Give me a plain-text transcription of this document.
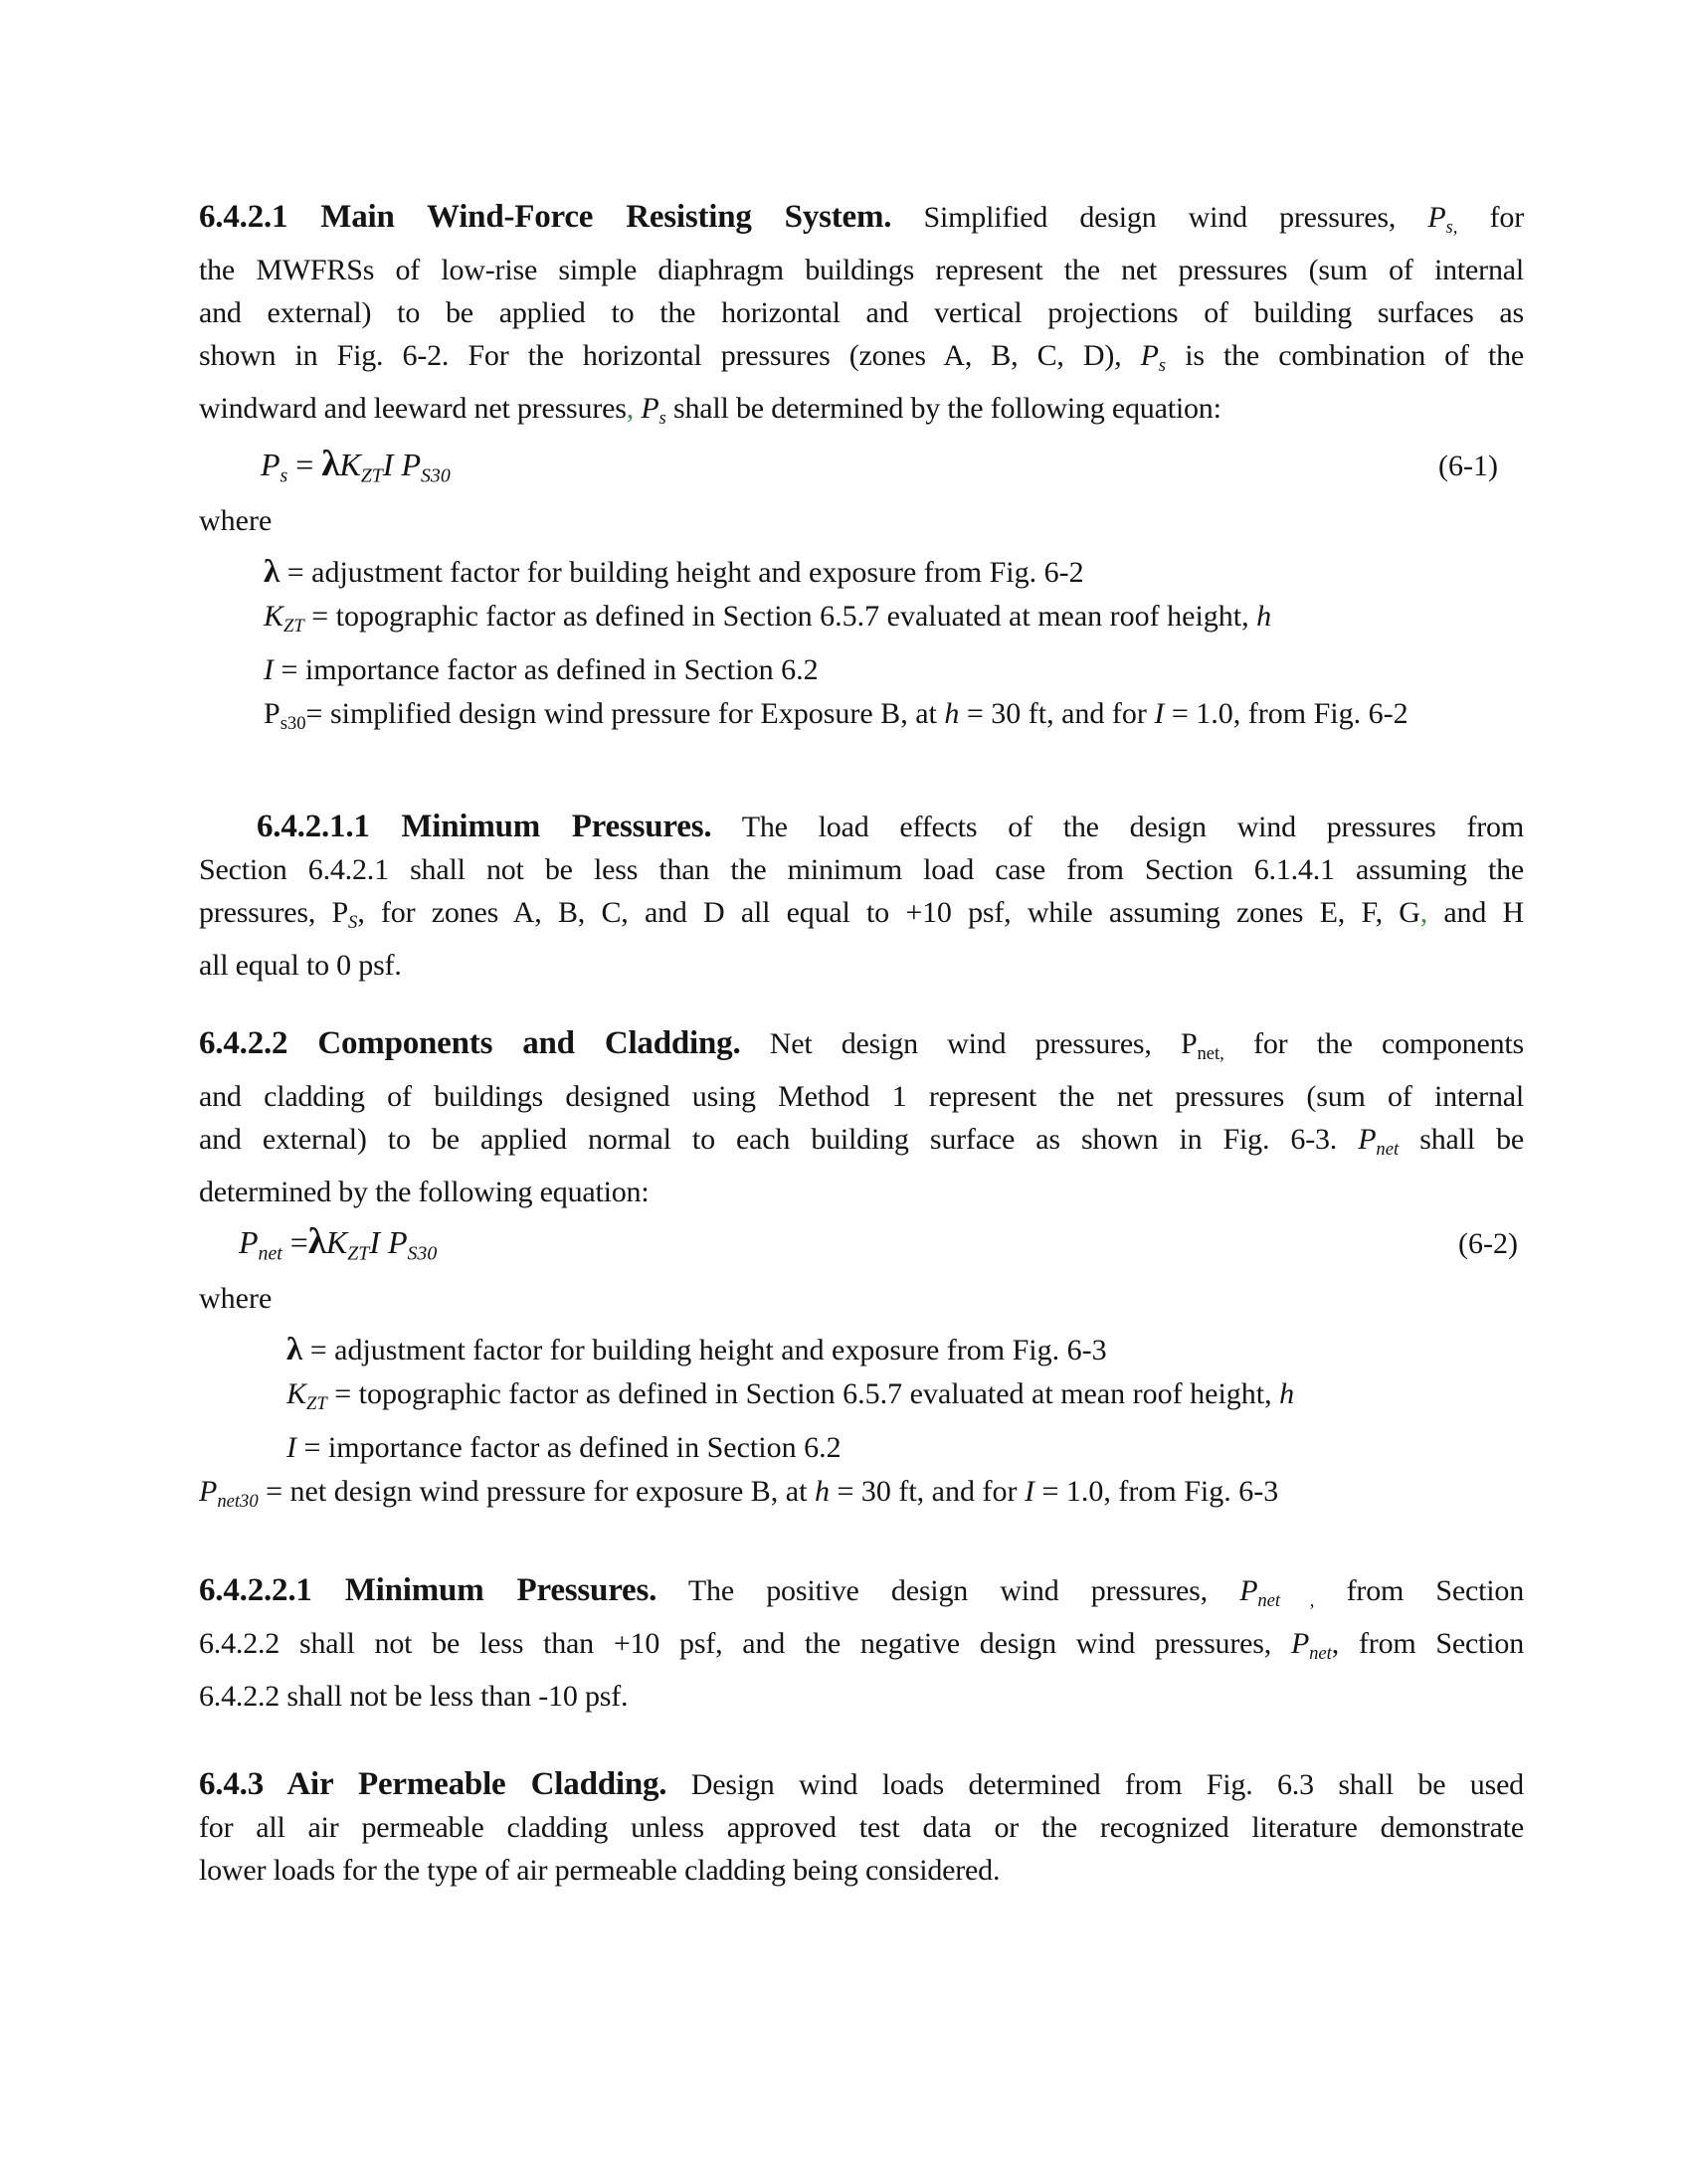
6.4.2.1 Main Wind-Force Resisting System. Simplified design wind pressures, Ps, for
the MWFRSs of low-rise simple diaphragm buildings represent the net pressures (sum of internal
and external) to be applied to the horizontal and vertical projections of building surfaces as
shown in Fig. 6-2. For the horizontal pressures (zones A, B, C, D), Ps is the combination of the
windward and leeward net pressures, Ps shall be determined by the following equation:
Ps = λKZTI PS30	(6-1)
where
λ = adjustment factor for building height and exposure from Fig. 6-2
KZT = topographic factor as defined in Section 6.5.7 evaluated at mean roof height, h
I = importance factor as defined in Section 6.2
Ps30= simplified design wind pressure for Exposure B, at h = 30 ft, and for I = 1.0, from Fig. 6-2
6.4.2.1.1 Minimum Pressures. The load effects of the design wind pressures from
Section 6.4.2.1 shall not be less than the minimum load case from Section 6.1.4.1 assuming the
pressures, PS, for zones A, B, C, and D all equal to +10 psf, while assuming zones E, F, G, and H
all equal to 0 psf.
6.4.2.2 Components and Cladding. Net design wind pressures, Pnet, for the components
and cladding of buildings designed using Method 1 represent the net pressures (sum of internal
and external) to be applied normal to each building surface as shown in Fig. 6-3. Pnet shall be
determined by the following equation:
Pnet =λKZTI PS30	(6-2)
where
λ = adjustment factor for building height and exposure from Fig. 6-3
KZT = topographic factor as defined in Section 6.5.7 evaluated at mean roof height, h
I = importance factor as defined in Section 6.2
Pnet30 = net design wind pressure for exposure B, at h = 30 ft, and for I = 1.0, from Fig. 6-3
6.4.2.2.1 Minimum Pressures. The positive design wind pressures, Pnet , from Section
6.4.2.2 shall not be less than +10 psf, and the negative design wind pressures, Pnet, from Section
6.4.2.2 shall not be less than -10 psf.
6.4.3 Air Permeable Cladding. Design wind loads determined from Fig. 6.3 shall be used
for all air permeable cladding unless approved test data or the recognized literature demonstrate
lower loads for the type of air permeable cladding being considered.
